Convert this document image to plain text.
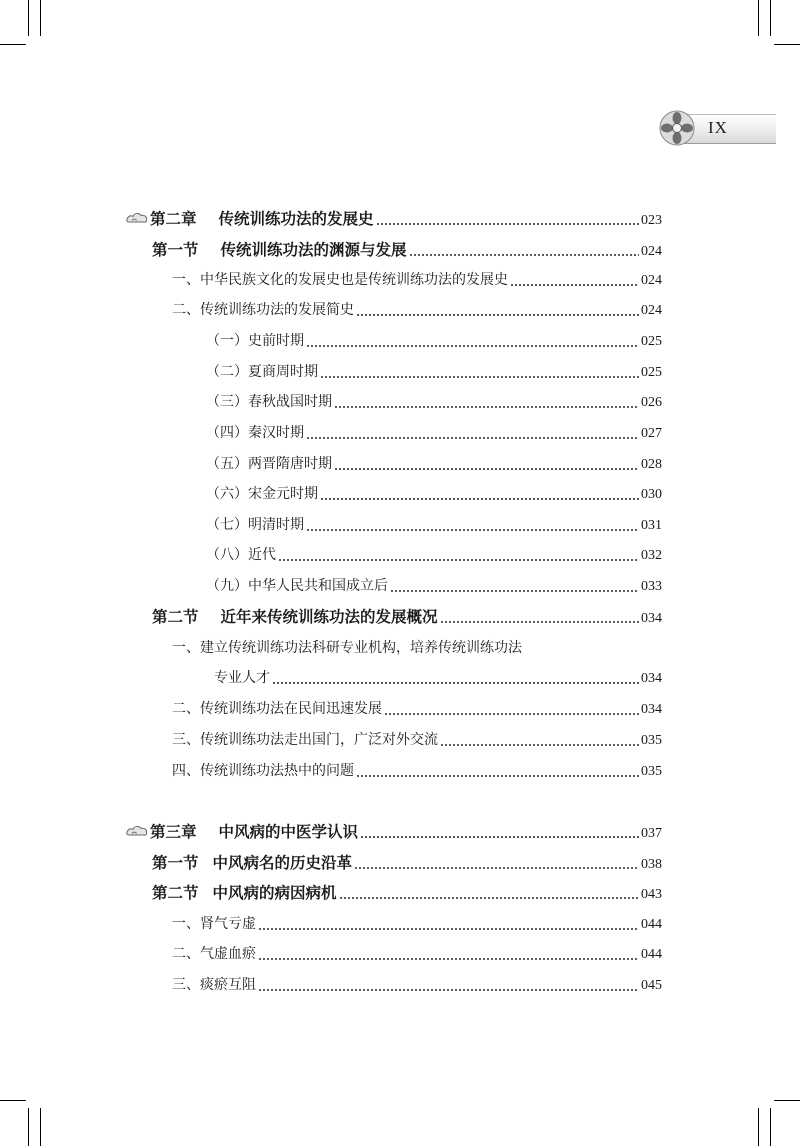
IX
第二章 传统训练功法的发展史	023
第一节 传统训练功法的渊源与发展	024
一、中华民族文化的发展史也是传统训练功法的发展史	024
二、传统训练功法的发展简史	024
（一）史前时期	025
（二）夏商周时期	025
（三）春秋战国时期	026
（四）秦汉时期	027
（五）两晋隋唐时期	028
（六）宋金元时期	030
（七）明清时期	031
（八）近代	032
（九）中华人民共和国成立后	033
第二节 近年来传统训练功法的发展概况	034
一、建立传统训练功法科研专业机构，培养传统训练功法
专业人才	034
二、传统训练功法在民间迅速发展	034
三、传统训练功法走出国门，广泛对外交流	035
四、传统训练功法热中的问题	035
第三章 中风病的中医学认识	037
第一节 中风病名的历史沿革	038
第二节 中风病的病因病机	043
一、肾气亏虚	044
二、气虚血瘀	044
三、痰瘀互阻	045
